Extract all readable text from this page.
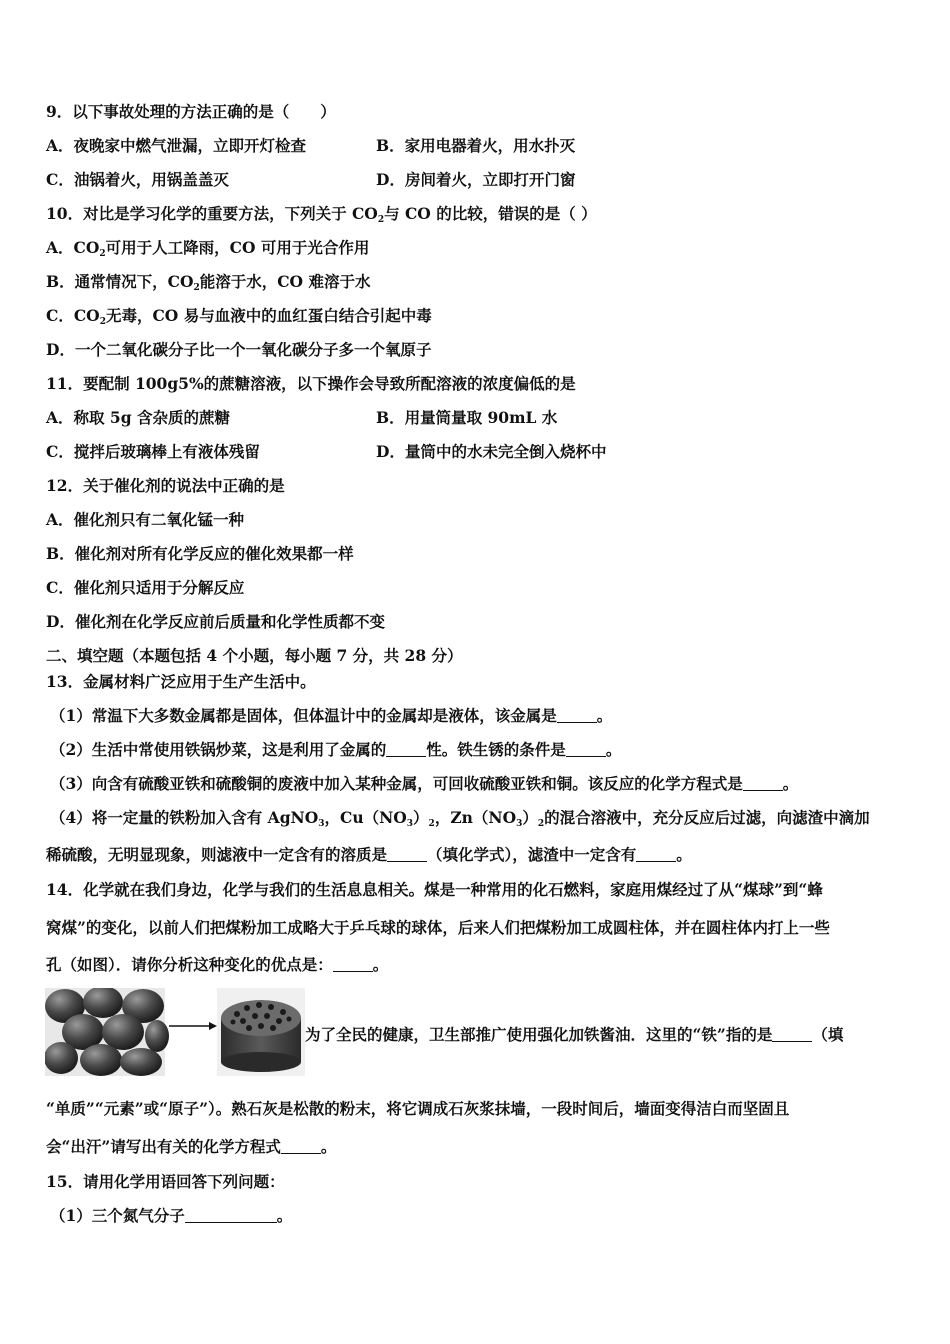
9．以下事故处理的方法正确的是（　　）
A．夜晚家中燃气泄漏，立即开灯检查	B．家用电器着火，用水扑灭
C．油锅着火，用锅盖盖灭	D．房间着火，立即打开门窗
10．对比是学习化学的重要方法，下列关于 $CO_2$与 CO 的比较，错误的是（ ）
A．$CO_2$可用于人工降雨，CO 可用于光合作用
B．通常情况下，$CO_2$能溶于水，CO 难溶于水
C．$CO_2$无毒，CO 易与血液中的血红蛋白结合引起中毒
D．一个二氧化碳分子比一个一氧化碳分子多一个氧原子
11．要配制 100g5%的蔗糖溶液，以下操作会导致所配溶液的浓度偏低的是
A．称取 5g 含杂质的蔗糖	B．用量筒量取 90mL 水
C．搅拌后玻璃棒上有液体残留	D．量筒中的水未完全倒入烧杯中
12．关于催化剂的说法中正确的是
A．催化剂只有二氧化锰一种
B．催化剂对所有化学反应的催化效果都一样
C．催化剂只适用于分解反应
D．催化剂在化学反应前后质量和化学性质都不变
二、填空题（本题包括 4 个小题，每小题 7 分，共 28 分）
13．金属材料广泛应用于生产生活中。
（1）常温下大多数金属都是固体，但体温计中的金属却是液体，该金属是	。
（2）生活中常使用铁锅炒菜，这是利用了金属的	性。铁生锈的条件是	。
（3）向含有硫酸亚铁和硫酸铜的废液中加入某种金属，可回收硫酸亚铁和铜。该反应的化学方程式是	。
（4）将一定量的铁粉加入含有 AgNO$_3$，$Cu(NO_3)_2$，$Zn(NO_3)_2$的混合溶液中，充分反应后过滤，向滤渣中滴加
稀硫酸，无明显现象，则滤液中一定含有的溶质是	（填化学式），滤渣中一定含有	。
14．化学就在我们身边，化学与我们的生活息息相关。煤是一种常用的化石燃料，家庭用煤经过了从“煤球”到“蜂
窝煤”的变化，以前人们把煤粉加工成略大于乒乓球的球体，后来人们把煤粉加工成圆柱体，并在圆柱体内打上一些
孔（如图）．请你分析这种变化的优点是：	。
为了全民的健康，卫生部推广使用强化加铁酱油．这里的“铁”指的是	（填
“单质”“元素”或“原子”）。熟石灰是松散的粉末，将它调成石灰浆抹墙，一段时间后，墙面变得洁白而坚固且
会“出汗”请写出有关的化学方程式	。
15．请用化学用语回答下列问题：
（1）三个氮气分子	。
